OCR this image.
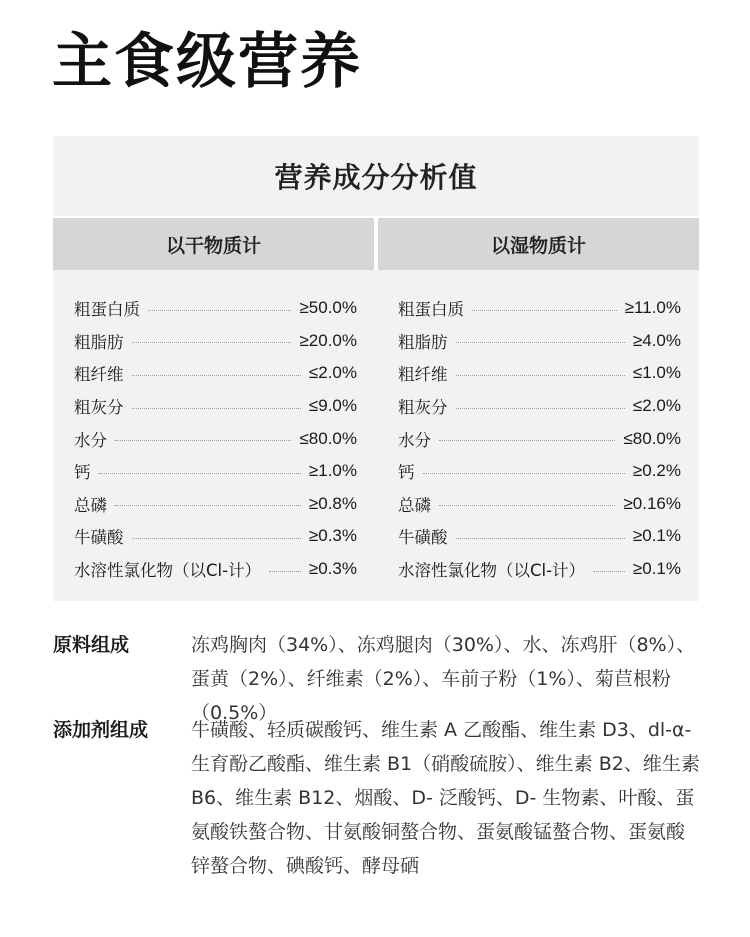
主食级营养
营养成分分析值
以干物质计	以湿物质计
粗蛋白质	≥50.0%
粗脂肪	≥20.0%
粗纤维	≤2.0%
粗灰分	≤9.0%
水分	≤80.0%
钙	≥1.0%
总磷	≥0.8%
牛磺酸	≥0.3%
水溶性氯化物（以Cl-计）	≥0.3%
粗蛋白质	≥11.0%
粗脂肪	≥4.0%
粗纤维	≤1.0%
粗灰分	≤2.0%
水分	≤80.0%
钙	≥0.2%
总磷	≥0.16%
牛磺酸	≥0.1%
水溶性氯化物（以Cl-计）	≥0.1%
原料组成	冻鸡胸肉（34%）、冻鸡腿肉（30%）、水、冻鸡肝（8%）、蛋黄（2%）、纤维素（2%）、车前子粉（1%）、菊苣根粉（0.5%）
添加剂组成	牛磺酸、轻质碳酸钙、维生素 A 乙酸酯、维生素 D3、dl-α-生育酚乙酸酯、维生素 B1（硝酸硫胺）、维生素 B2、维生素 B6、维生素 B12、烟酸、D- 泛酸钙、D- 生物素、叶酸、蛋氨酸铁螯合物、甘氨酸铜螯合物、蛋氨酸锰螯合物、蛋氨酸锌螯合物、碘酸钙、酵母硒
